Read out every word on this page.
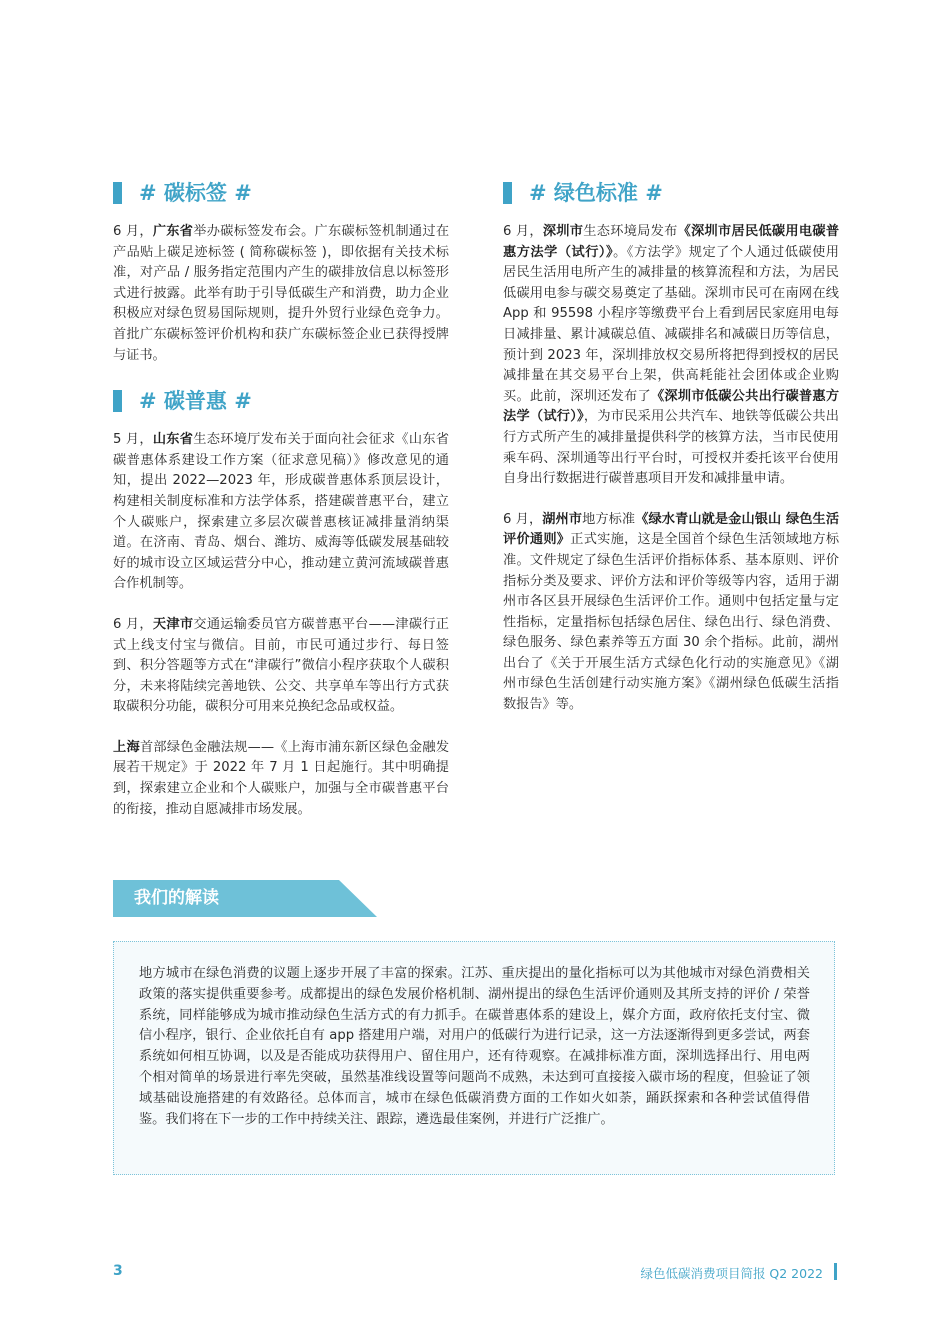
# 碳标签 #

6 月，广东省举办碳标签发布会。广东碳标签机制通过在产品贴上碳足迹标签 ( 简称碳标签 )，即依据有关技术标准，对产品 / 服务指定范围内产生的碳排放信息以标签形式进行披露。此举有助于引导低碳生产和消费，助力企业积极应对绿色贸易国际规则，提升外贸行业绿色竞争力。首批广东碳标签评价机构和获广东碳标签企业已获得授牌与证书。

# 碳普惠 #

5 月，山东省生态环境厅发布关于面向社会征求《山东省碳普惠体系建设工作方案（征求意见稿）》修改意见的通知，提出 2022—2023 年，形成碳普惠体系顶层设计，构建相关制度标准和方法学体系，搭建碳普惠平台，建立个人碳账户，探索建立多层次碳普惠核证减排量消纳渠道。在济南、青岛、烟台、潍坊、威海等低碳发展基础较好的城市设立区域运营分中心，推动建立黄河流域碳普惠合作机制等。

6 月，天津市交通运输委员官方碳普惠平台——津碳行正式上线支付宝与微信。目前，市民可通过步行、每日签到、积分答题等方式在“津碳行”微信小程序获取个人碳积分，未来将陆续完善地铁、公交、共享单车等出行方式获取碳积分功能，碳积分可用来兑换纪念品或权益。

上海首部绿色金融法规——《上海市浦东新区绿色金融发展若干规定》于 2022 年 7 月 1 日起施行。其中明确提到，探索建立企业和个人碳账户，加强与全市碳普惠平台的衔接，推动自愿减排市场发展。

# 绿色标准 #

6 月，深圳市生态环境局发布《深圳市居民低碳用电碳普惠方法学（试行）》。《方法学》规定了个人通过低碳使用居民生活用电所产生的减排量的核算流程和方法，为居民低碳用电参与碳交易奠定了基础。深圳市民可在南网在线 App 和 95598 小程序等缴费平台上看到居民家庭用电每日减排量、累计减碳总值、减碳排名和减碳日历等信息，预计到 2023 年，深圳排放权交易所将把得到授权的居民减排量在其交易平台上架，供高耗能社会团体或企业购买。此前，深圳还发布了《深圳市低碳公共出行碳普惠方法学（试行）》，为市民采用公共汽车、地铁等低碳公共出行方式所产生的减排量提供科学的核算方法，当市民使用乘车码、深圳通等出行平台时，可授权并委托该平台使用自身出行数据进行碳普惠项目开发和减排量申请。

6 月，湖州市地方标准《绿水青山就是金山银山 绿色生活评价通则》正式实施，这是全国首个绿色生活领域地方标准。文件规定了绿色生活评价指标体系、基本原则、评价指标分类及要求、评价方法和评价等级等内容，适用于湖州市各区县开展绿色生活评价工作。通则中包括定量与定性指标，定量指标包括绿色居住、绿色出行、绿色消费、绿色服务、绿色素养等五方面 30 余个指标。此前，湖州出台了《关于开展生活方式绿色化行动的实施意见》《湖州市绿色生活创建行动实施方案》《湖州绿色低碳生活指数报告》等。

我们的解读

地方城市在绿色消费的议题上逐步开展了丰富的探索。江苏、重庆提出的量化指标可以为其他城市对绿色消费相关政策的落实提供重要参考。成都提出的绿色发展价格机制、湖州提出的绿色生活评价通则及其所支持的评价 / 荣誉系统，同样能够成为城市推动绿色生活方式的有力抓手。在碳普惠体系的建设上，媒介方面，政府依托支付宝、微信小程序，银行、企业依托自有 app 搭建用户端，对用户的低碳行为进行记录，这一方法逐渐得到更多尝试，两套系统如何相互协调，以及是否能成功获得用户、留住用户，还有待观察。在减排标准方面，深圳选择出行、用电两个相对简单的场景进行率先突破，虽然基准线设置等问题尚不成熟，未达到可直接接入碳市场的程度，但验证了领域基础设施搭建的有效路径。总体而言，城市在绿色低碳消费方面的工作如火如荼，踊跃探索和各种尝试值得借鉴。我们将在下一步的工作中持续关注、跟踪，遴选最佳案例，并进行广泛推广。

3	绿色低碳消费项目简报 Q2 2022
